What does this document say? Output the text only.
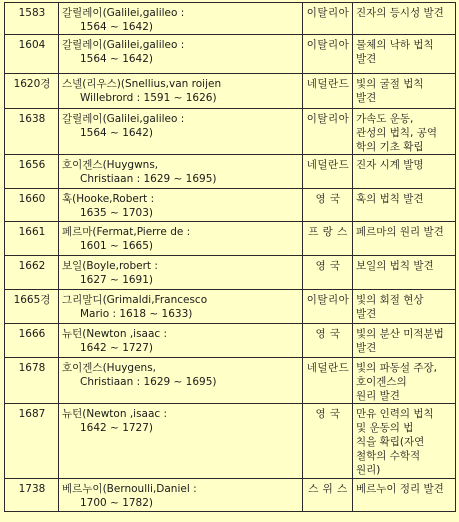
1583	갈릴레이(Galilei,galileo :
1564 ~ 1642)	이탈리아	진자의 등시성 발견

1604	갈릴레이(Galilei,galileo :
1564 ~ 1642)	이탈리아	물체의 낙하 법칙
발견

1620경	스넬(리우스)(Snellius,van roijen
Willebrord : 1591 ~ 1626)	네덜란드	빛의 굴절 법칙
발견

1638	갈릴레이(Galilei,galileo :
1564 ~ 1642)	이탈리아	가속도 운동,
관성의 법칙, 공역
학의 기초 확립

1656	호이겐스(Huygwns,
Christiaan : 1629 ~ 1695)	네덜란드	진자 시계 발명

1660	훅(Hooke,Robert :
1635 ~ 1703)	영 국	훅의 법칙 발견

1661	페르마(Fermat,Pierre de :
1601 ~ 1665)	프 랑 스	페르마의 원리 발견

1662	보일(Boyle,robert :
1627 ~ 1691)	영 국	보일의 법칙 발견

1665경	그리말디(Grimaldi,Francesco
Mario : 1618 ~ 1633)	이탈리아	빛의 회절 현상
발견

1666	뉴턴(Newton ,isaac :
1642 ~ 1727)	영 국	빛의 분산 미적분법
발견

1678	호이겐스(Huygens,
Christiaan : 1629 ~ 1695)	네덜란드	빛의 파동설 주장,
호이겐스의
원리 발견

1687	뉴턴(Newton ,isaac :
1642 ~ 1727)	영 국	만유 인력의 법칙
및 운동의 법
칙을 확립(자연
철학의 수학적
원리)

1738	베르누이(Bernoulli,Daniel :
1700 ~ 1782)	스 위 스	베르누이 정리 발견
